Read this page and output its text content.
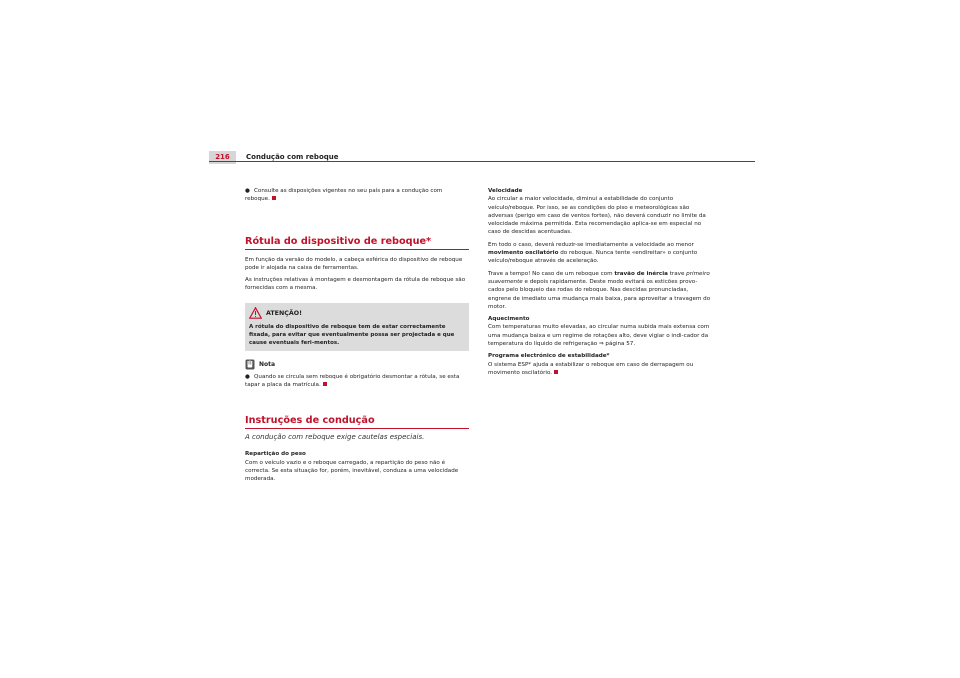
216	Condução com reboque

● Consulte as disposições vigentes no seu país para a condução com reboque.

Rótula do dispositivo de reboque*

Em função da versão do modelo, a cabeça esférica do dispositivo de reboque pode ir alojada na caixa de ferramentas.

As instruções relativas à montagem e desmontagem da rótula de reboque são fornecidas com a mesma.

ATENÇÃO!
A rótula do dispositivo de reboque tem de estar correctamente fixada, para evitar que eventualmente possa ser projectada e que cause eventuais feri-mentos.
Nota

● Quando se circula sem reboque é obrigatório desmontar a rótula, se esta tapar a placa da matrícula.

Instruções de condução
A condução com reboque exige cautelas especiais.

Repartição do peso

Com o veículo vazio e o reboque carregado, a repartição do peso não é correcta. Se esta situação for, porém, inevitável, conduza a uma velocidade moderada.

Velocidade

Ao circular a maior velocidade, diminui a estabilidade do conjunto veículo/reboque. Por isso, se as condições do piso e meteorológicas são adversas (perigo em caso de ventos fortes), não deverá conduzir no limite da velocidade máxima permitida. Esta recomendação aplica-se em especial no caso de descidas acentuadas.

Em todo o caso, deverá reduzir-se imediatamente a velocidade ao menor movimento oscilatório do reboque. Nunca tente «endireitar» o conjunto veículo/reboque através de aceleração.

Trave a tempo! No caso de um reboque com travão de inércia trave primeiro suavemente e depois rapidamente. Deste modo evitará os esticões provo-cados pelo bloqueio das rodas do reboque. Nas descidas pronunciadas, engrene de imediato uma mudança mais baixa, para aproveitar a travagem do motor.

Aquecimento

Com temperaturas muito elevadas, ao circular numa subida mais extensa com uma mudança baixa e um regime de rotações alto, deve vigiar o indi-cador da temperatura do líquido de refrigeração ⇒ página 57.

Programa electrónico de estabilidade*

O sistema ESP* ajuda a estabilizar o reboque em caso de derrapagem ou movimento oscilatório.
